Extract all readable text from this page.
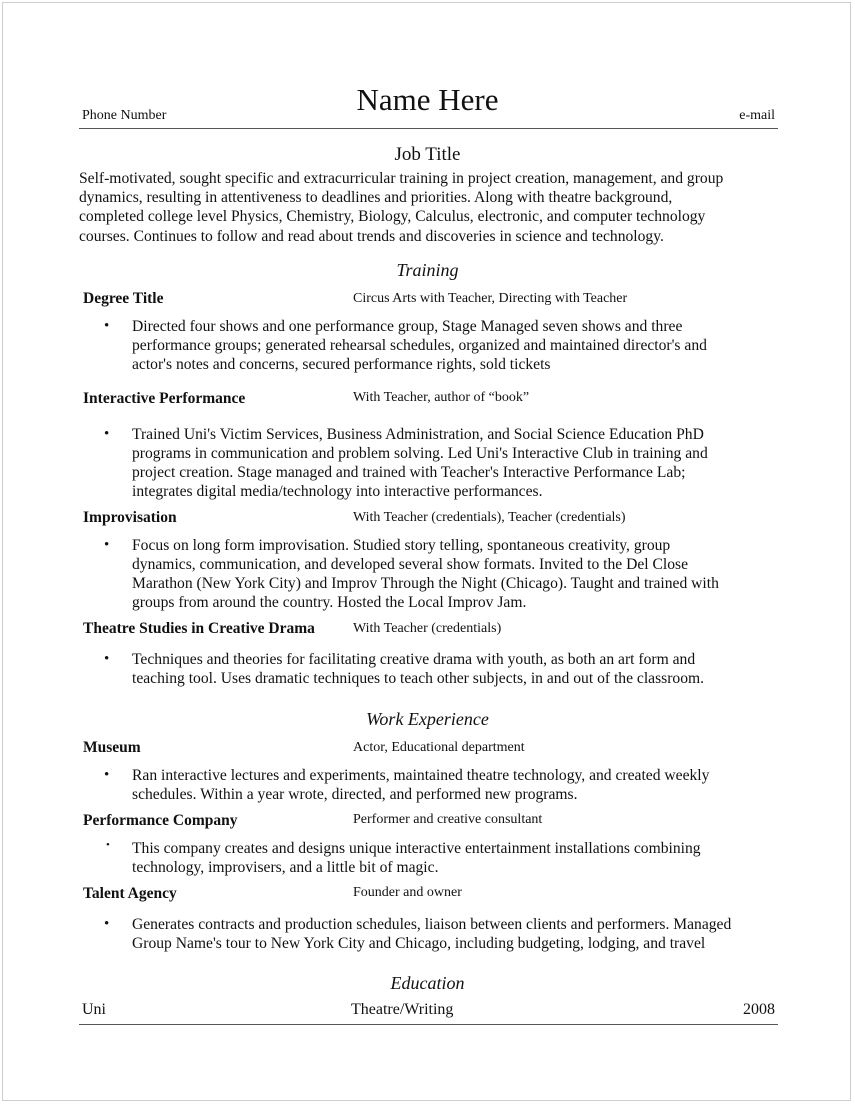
Name Here
Phone Number	e-mail
Job Title
Self-motivated, sought specific and extracurricular training in project creation, management, and group
dynamics, resulting in attentiveness to deadlines and priorities. Along with theatre background,
completed college level Physics, Chemistry, Biology, Calculus, electronic, and computer technology
courses. Continues to follow and read about trends and discoveries in science and technology.
Training
Degree Title	Circus Arts with Teacher, Directing with Teacher
• Directed four shows and one performance group, Stage Managed seven shows and three
performance groups; generated rehearsal schedules, organized and maintained director's and
actor's notes and concerns, secured performance rights, sold tickets
Interactive Performance	With Teacher, author of “book”
• Trained Uni's Victim Services, Business Administration, and Social Science Education PhD
programs in communication and problem solving. Led Uni's Interactive Club in training and
project creation. Stage managed and trained with Teacher's Interactive Performance Lab;
integrates digital media/technology into interactive performances.
Improvisation	With Teacher (credentials), Teacher (credentials)
• Focus on long form improvisation. Studied story telling, spontaneous creativity, group
dynamics, communication, and developed several show formats. Invited to the Del Close
Marathon (New York City) and Improv Through the Night (Chicago). Taught and trained with
groups from around the country. Hosted the Local Improv Jam.
Theatre Studies in Creative Drama	With Teacher (credentials)
• Techniques and theories for facilitating creative drama with youth, as both an art form and
teaching tool. Uses dramatic techniques to teach other subjects, in and out of the classroom.
Work Experience
Museum	Actor, Educational department
• Ran interactive lectures and experiments, maintained theatre technology, and created weekly
schedules. Within a year wrote, directed, and performed new programs.
Performance Company	Performer and creative consultant
• This company creates and designs unique interactive entertainment installations combining
technology, improvisers, and a little bit of magic.
Talent Agency	Founder and owner
• Generates contracts and production schedules, liaison between clients and performers. Managed
Group Name's tour to New York City and Chicago, including budgeting, lodging, and travel
Education
Uni	Theatre/Writing	2008
